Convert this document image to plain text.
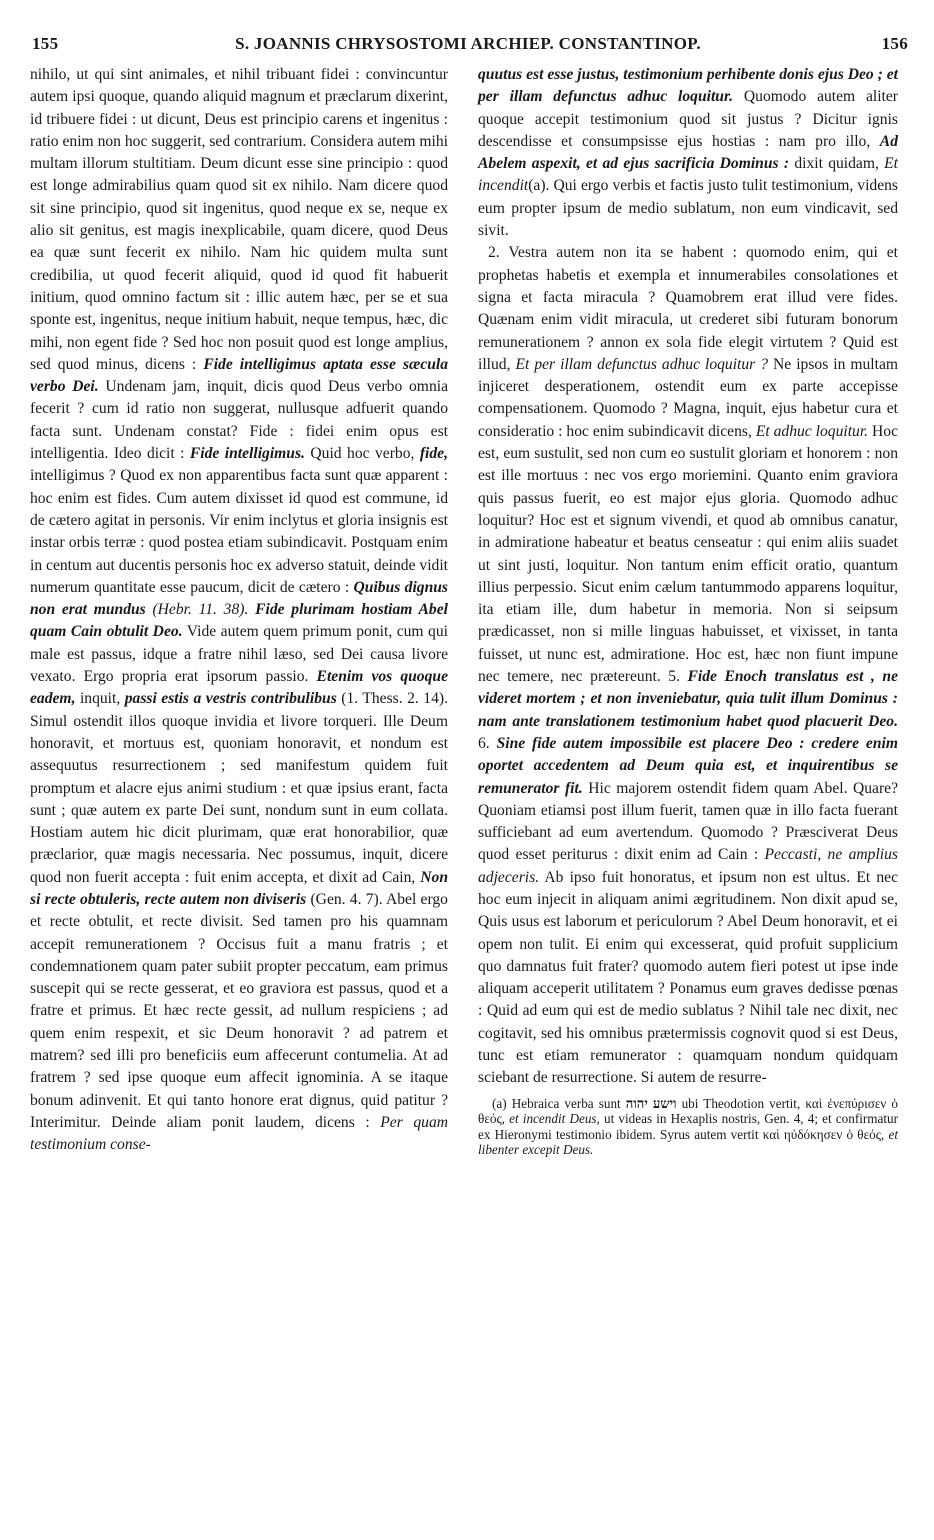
155	S. JOANNIS CHRYSOSTOMI ARCHIEP. CONSTANTINOP.	156

nihilo, ut qui sint animales, et nihil tribuant fidei : convincuntur autem ipsi quoque, quando aliquid magnum et præclarum dixerint, id tribuere fidei : ut dicunt, Deus est principio carens et ingenitus : ratio enim non hoc suggerit, sed contrarium. Considera autem mihi multam illorum stultitiam. Deum dicunt esse sine principio : quod est longe admirabilius quam quod sit ex nihilo. Nam dicere quod sit sine principio, quod sit ingenitus, quod neque ex se, neque ex alio sit genitus, est magis inexplicabile, quam dicere, quod Deus ea quæ sunt fecerit ex nihilo. Nam hic quidem multa sunt credibilia, ut quod fecerit aliquid, quod id quod fit habuerit initium, quod omnino factum sit : illic autem hæc, per se et sua sponte est, ingenitus, neque initium habuit, neque tempus, hæc, dic mihi, non egent fide ? Sed hoc non posuit quod est longe amplius, sed quod minus, dicens : Fide intelligimus aptata esse sæcula verbo Dei. Undenam jam, inquit, dicis quod Deus verbo omnia fecerit ? cum id ratio non suggerat, nullusque adfuerit quando facta sunt. Undenam constat? Fide : fidei enim opus est intelligentia. Ideo dicit : Fide intelligimus. Quid hoc verbo, fide, intelligimus ? Quod ex non apparentibus facta sunt quæ apparent : hoc enim est fides. Cum autem dixisset id quod est commune, id de cætero agitat in personis. Vir enim inclytus et gloria insignis est instar orbis terræ : quod postea etiam subindicavit. Postquam enim in centum aut ducentis personis hoc ex adverso statuit, deinde vidit numerum quantitate esse paucum, dicit de cætero : Quibus dignus non erat mundus (Hebr. 11. 38). Fide plurimam hostiam Abel quam Cain obtulit Deo. Vide autem quem primum ponit, cum qui male est passus, idque a fratre nihil læso, sed Dei causa livore vexato. Ergo propria erat ipsorum passio. Etenim vos quoque eadem, inquit, passi estis a vestris contribulibus (1. Thess. 2. 14). Simul ostendit illos quoque invidia et livore torqueri. Ille Deum honoravit, et mortuus est, quoniam honoravit, et nondum est assequutus resurrectionem ; sed manifestum quidem fuit promptum et alacre ejus animi studium : et quæ ipsius erant, facta sunt ; quæ autem ex parte Dei sunt, nondum sunt in eum collata. Hostiam autem hic dicit plurimam, quæ erat honorabilior, quæ præclarior, quæ magis necessaria. Nec possumus, inquit, dicere quod non fuerit accepta : fuit enim accepta, et dixit ad Cain, Non si recte obtuleris, recte autem non diviseris (Gen. 4. 7). Abel ergo et recte obtulit, et recte divisit. Sed tamen pro his quamnam accepit remunerationem ? Occisus fuit a manu fratris ; et condemnationem quam pater subiit propter peccatum, eam primus suscepit qui se recte gesserat, et eo graviora est passus, quod et a fratre et primus. Et hæc recte gessit, ad nullum respiciens ; ad quem enim respexit, et sic Deum honoravit ? ad patrem et matrem? sed illi pro beneficiis eum affecerunt contumelia. At ad fratrem ? sed ipse quoque eum affecit ignominia. A se itaque bonum adinvenit. Et qui tanto honore erat dignus, quid patitur ? Interimitur. Deinde aliam ponit laudem, dicens : Per quam testimonium conse-

quutus est esse justus, testimonium perhibente donis ejus Deo ; et per illam defunctus adhuc loquitur. Quomodo autem aliter quoque accepit testimonium quod sit justus ? Dicitur ignis descendisse et consumpsisse ejus hostias : nam pro illo, Ad Abelem aspexit, et ad ejus sacrificia Dominus : dixit quidam, Et incendit(a). Qui ergo verbis et factis justo tulit testimonium, videns eum propter ipsum de medio sublatum, non eum vindicavit, sed sivit.

2. Vestra autem non ita se habent : quomodo enim, qui et prophetas habetis et exempla et innumerabiles consolationes et signa et facta miracula ? Quamobrem erat illud vere fides. Quænam enim vidit miracula, ut crederet sibi futuram bonorum remunerationem ? annon ex sola fide elegit virtutem ? Quid est illud, Et per illam defunctus adhuc loquitur ? Ne ipsos in multam injiceret desperationem, ostendit eum ex parte accepisse compensationem. Quomodo ? Magna, inquit, ejus habetur cura et consideratio : hoc enim subindicavit dicens, Et adhuc loquitur. Hoc est, eum sustulit, sed non cum eo sustulit gloriam et honorem : non est ille mortuus : nec vos ergo moriemini. Quanto enim graviora quis passus fuerit, eo est major ejus gloria. Quomodo adhuc loquitur? Hoc est et signum vivendi, et quod ab omnibus canatur, in admiratione habeatur et beatus censeatur : qui enim aliis suadet ut sint justi, loquitur. Non tantum enim efficit oratio, quantum illius perpessio. Sicut enim cælum tantummodo apparens loquitur, ita etiam ille, dum habetur in memoria. Non si seipsum prædicasset, non si mille linguas habuisset, et vixisset, in tanta fuisset, ut nunc est, admiratione. Hoc est, hæc non fiunt impune nec temere, nec prætereunt. 5. Fide Enoch translatus est , ne videret mortem ; et non inveniebatur, quia tulit illum Dominus : nam ante translationem testimonium habet quod placuerit Deo. 6. Sine fide autem impossibile est placere Deo : credere enim oportet accedentem ad Deum quia est, et inquirentibus se remunerator fit. Hic majorem ostendit fidem quam Abel. Quare? Quoniam etiamsi post illum fuerit, tamen quæ in illo facta fuerant sufficiebant ad eum avertendum. Quomodo ? Præsciverat Deus quod esset periturus : dixit enim ad Cain : Peccasti, ne amplius adjeceris. Ab ipso fuit honoratus, et ipsum non est ultus. Et nec hoc eum injecit in aliquam animi ægritudinem. Non dixit apud se, Quis usus est laborum et periculorum ? Abel Deum honoravit, et ei opem non tulit. Ei enim qui excesserat, quid profuit supplicium quo damnatus fuit frater? quomodo autem fieri potest ut ipse inde aliquam acceperit utilitatem ? Ponamus eum graves dedisse pœnas : Quid ad eum qui est de medio sublatus ? Nihil tale nec dixit, nec cogitavit, sed his omnibus prætermissis cognovit quod si est Deus, tunc est etiam remunerator : quamquam nondum quidquam sciebant de resurrectione. Si autem de resurre-

(a) Hebraica verba sunt וישע יהוה ubi Theodotion vertit, καὶ ἐνεπύρισεν ὁ θεός, et incendit Deus, ut videas in Hexaplis nostris, Gen. 4, 4; et confirmatur ex Hieronymi testimonio ibidem. Syrus autem vertit καὶ ηὐδόκησεν ὁ θεός, et libenter excepit Deus.
